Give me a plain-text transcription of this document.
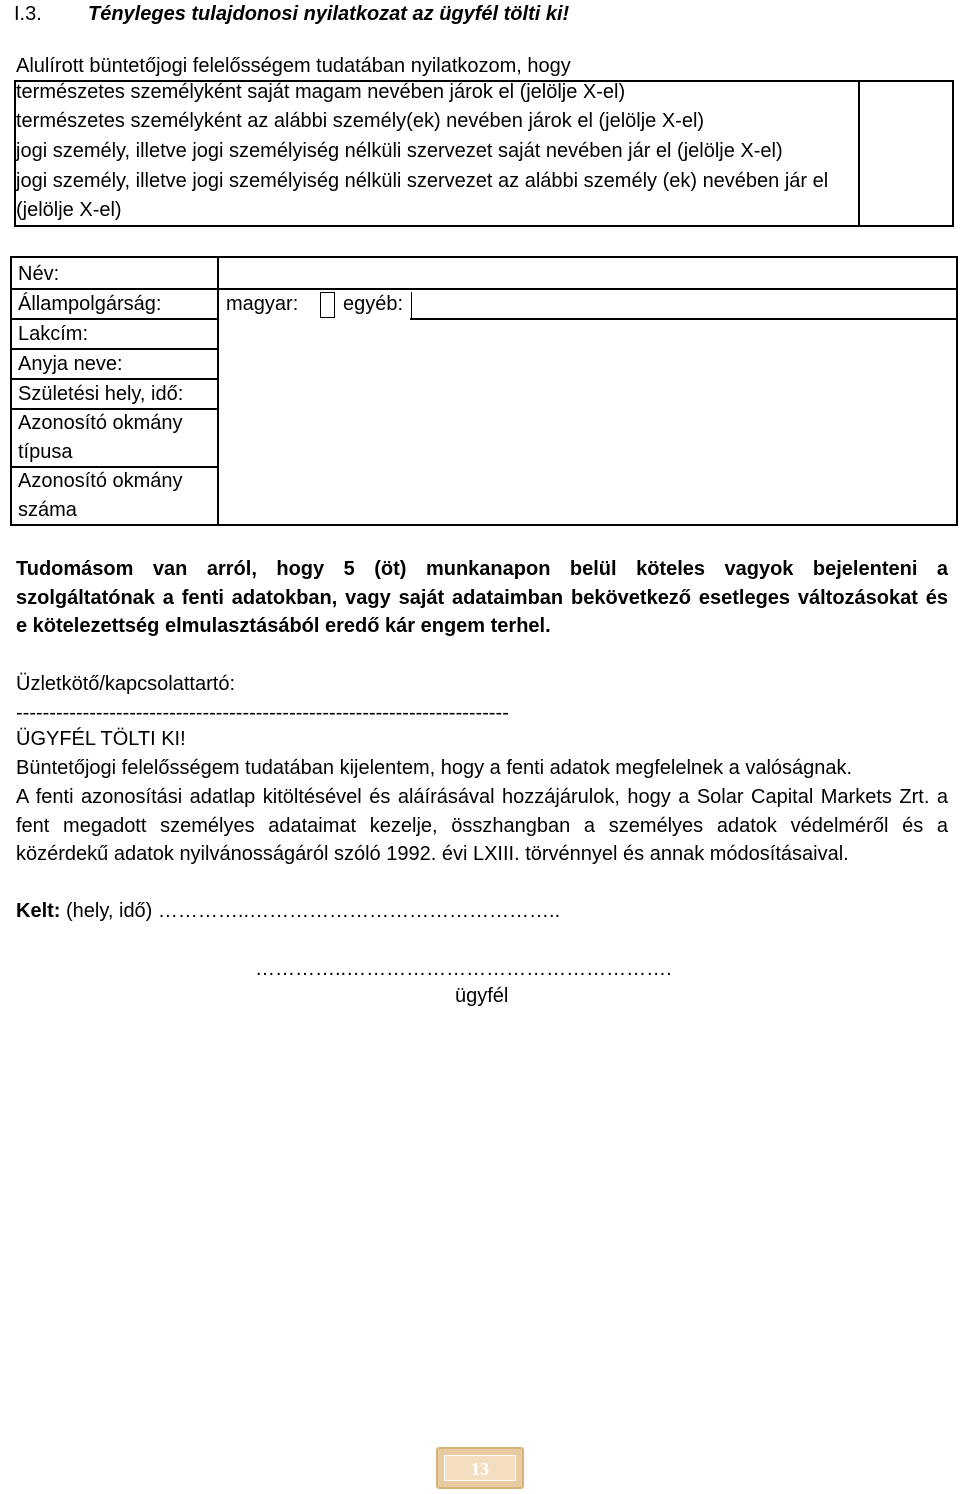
I.3. Tényleges tulajdonosi nyilatkozat az ügyfél tölti ki!
Alulírott büntetőjogi felelősségem tudatában nyilatkozom, hogy
természetes személyként saját magam nevében járok el (jelölje X-el)
természetes személyként az alábbi személy(ek) nevében járok el (jelölje X-el)
jogi személy, illetve jogi személyiség nélküli szervezet saját nevében jár el (jelölje X-el)
jogi személy, illetve jogi személyiség nélküli szervezet az alábbi személy (ek) nevében jár el
(jelölje X-el)
Név:
Állampolgárság:	magyar: egyéb:
Lakcím:
Anyja neve:
Születési hely, idő:
Azonosító okmány
típusa
Azonosító okmány
száma
Tudomásom van arról, hogy 5 (öt) munkanapon belül köteles vagyok bejelenteni a
szolgáltatónak a fenti adatokban, vagy saját adataimban bekövetkező esetleges változásokat és
e kötelezettség elmulasztásából eredő kár engem terhel.
Üzletkötő/kapcsolattartó:
--------------------------------------------------------------------------
ÜGYFÉL TÖLTI KI!
Büntetőjogi felelősségem tudatában kijelentem, hogy a fenti adatok megfelelnek a valóságnak.
A fenti azonosítási adatlap kitöltésével és aláírásával hozzájárulok, hogy a Solar Capital Markets Zrt. a
fent megadott személyes adataimat kezelje, összhangban a személyes adatok védelméről és a
közérdekű adatok nyilvánosságáról szóló 1992. évi LXIII. törvénnyel és annak módosításaival.
Kelt: (hely, idő) …………..………………………………………..
…………..………………………………………….
ügyfél
13
